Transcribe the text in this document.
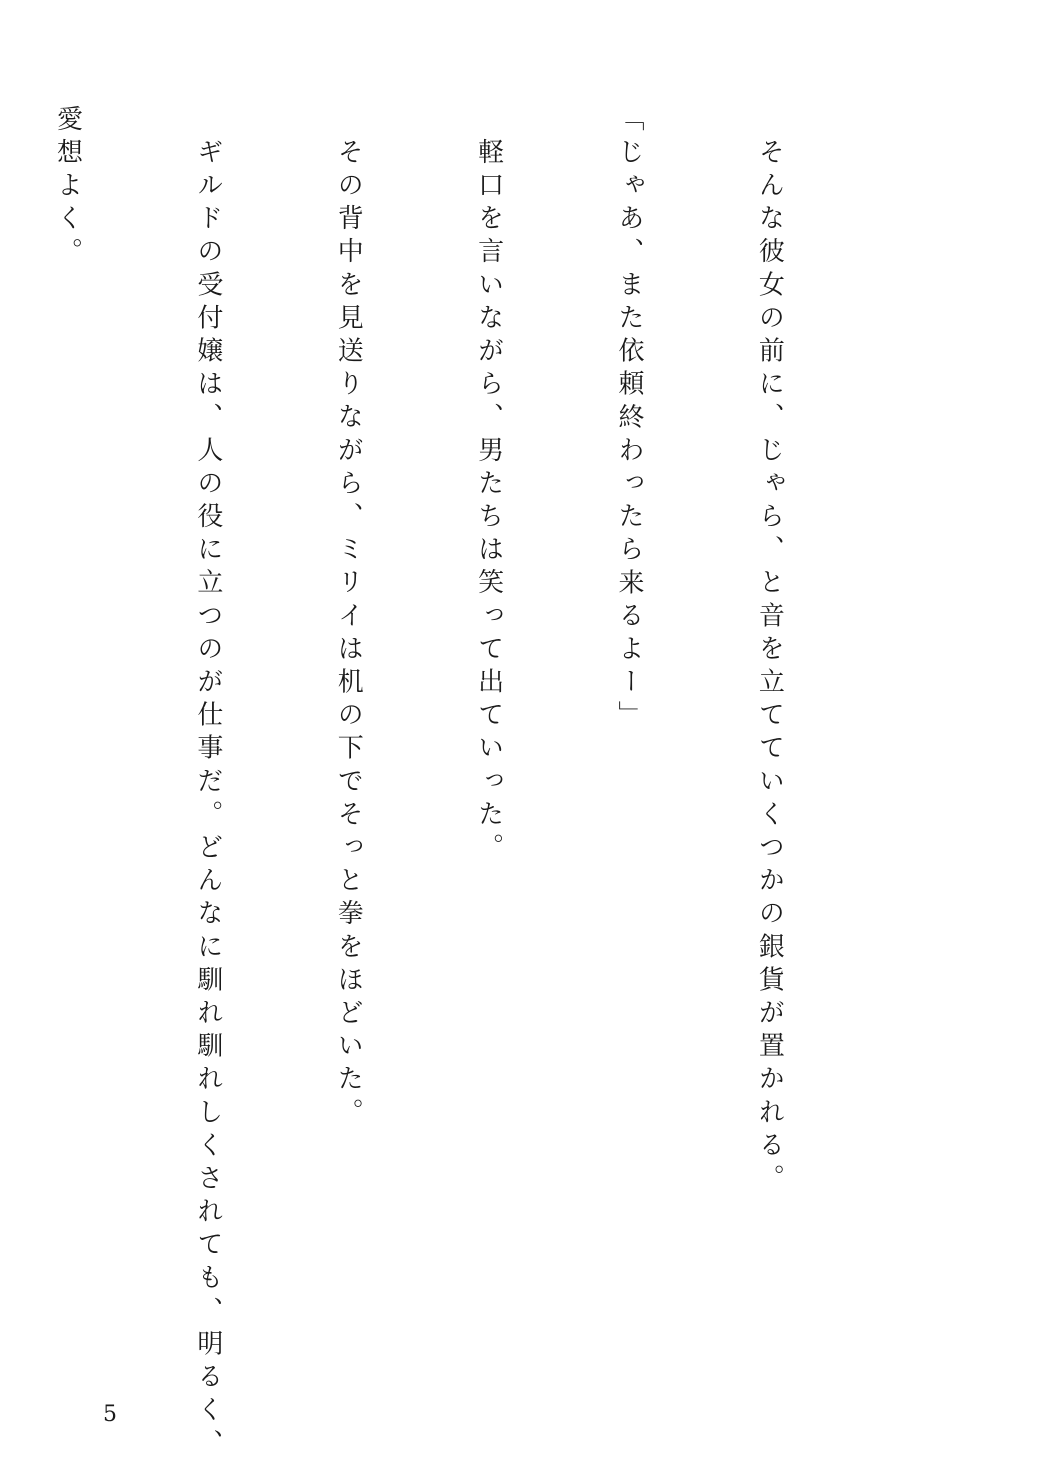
そんな彼女の前に、じゃら、と音を立てていくつかの銀貨が置かれる。

「じゃあ、また依頼終わったら来るよー」

軽口を言いながら、男たちは笑って出ていった。

その背中を見送りながら、ミリイは机の下でそっと拳をほどいた。

ギルドの受付嬢は、人の役に立つのが仕事だ。どんなに馴れ馴れしくされても、明るく、

愛想よく。

5
